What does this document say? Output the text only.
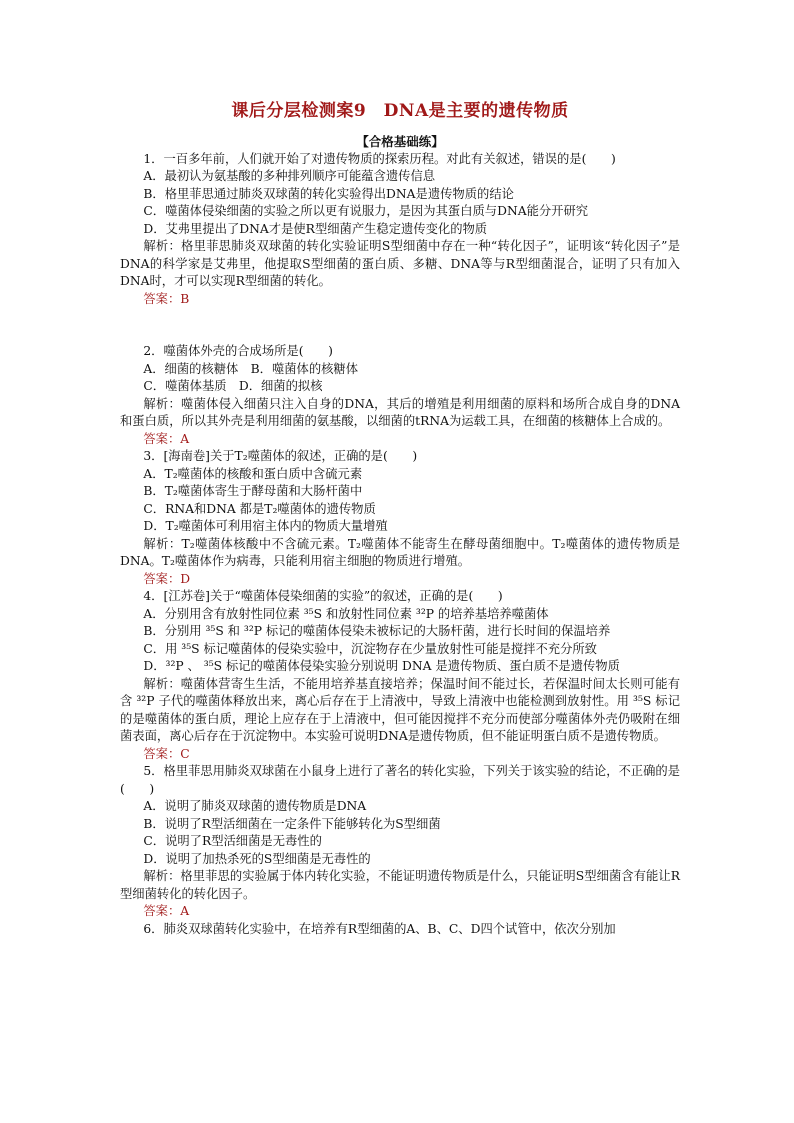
课后分层检测案9　DNA是主要的遗传物质

【合格基础练】

1．一百多年前，人们就开始了对遗传物质的探索历程。对此有关叙述，错误的是(　　)

A．最初认为氨基酸的多种排列顺序可能蕴含遗传信息

B．格里菲思通过肺炎双球菌的转化实验得出DNA是遗传物质的结论

C．噬菌体侵染细菌的实验之所以更有说服力，是因为其蛋白质与DNA能分开研究

D．艾弗里提出了DNA才是使R型细菌产生稳定遗传变化的物质

解析：格里菲思肺炎双球菌的转化实验证明S型细菌中存在一种“转化因子”，证明该“转化因子”是DNA的科学家是艾弗里，他提取S型细菌的蛋白质、多糖、DNA等与R型细菌混合，证明了只有加入DNA时，才可以实现R型细菌的转化。

答案：B

2．噬菌体外壳的合成场所是(　　)

A．细菌的核糖体　B．噬菌体的核糖体

C．噬菌体基质　D．细菌的拟核

解析：噬菌体侵入细菌只注入自身的DNA，其后的增殖是利用细菌的原料和场所合成自身的DNA和蛋白质，所以其外壳是利用细菌的氨基酸，以细菌的tRNA为运载工具，在细菌的核糖体上合成的。

答案：A

3．[海南卷]关于T₂噬菌体的叙述，正确的是(　　)

A．T₂噬菌体的核酸和蛋白质中含硫元素

B．T₂噬菌体寄生于酵母菌和大肠杆菌中

C．RNA和DNA 都是T₂噬菌体的遗传物质

D．T₂噬菌体可利用宿主体内的物质大量增殖

解析：T₂噬菌体核酸中不含硫元素。T₂噬菌体不能寄生在酵母菌细胞中。T₂噬菌体的遗传物质是DNA。T₂噬菌体作为病毒，只能利用宿主细胞的物质进行增殖。

答案：D

4．[江苏卷]关于“噬菌体侵染细菌的实验”的叙述，正确的是(　　)

A．分别用含有放射性同位素 ³⁵S 和放射性同位素 ³²P 的培养基培养噬菌体

B．分别用 ³⁵S 和 ³²P 标记的噬菌体侵染未被标记的大肠杆菌，进行长时间的保温培养

C．用 ³⁵S 标记噬菌体的侵染实验中，沉淀物存在少量放射性可能是搅拌不充分所致

D．³²P 、 ³⁵S 标记的噬菌体侵染实验分别说明 DNA 是遗传物质、蛋白质不是遗传物质

解析：噬菌体营寄生生活，不能用培养基直接培养；保温时间不能过长，若保温时间太长则可能有含 ³²P 子代的噬菌体释放出来，离心后存在于上清液中，导致上清液中也能检测到放射性。用 ³⁵S 标记的是噬菌体的蛋白质，理论上应存在于上清液中，但可能因搅拌不充分而使部分噬菌体外壳仍吸附在细菌表面，离心后存在于沉淀物中。本实验可说明DNA是遗传物质，但不能证明蛋白质不是遗传物质。

答案：C

5．格里菲思用肺炎双球菌在小鼠身上进行了著名的转化实验，下列关于该实验的结论，不正确的是(　　)

A．说明了肺炎双球菌的遗传物质是DNA

B．说明了R型活细菌在一定条件下能够转化为S型细菌

C．说明了R型活细菌是无毒性的

D．说明了加热杀死的S型细菌是无毒性的

解析：格里菲思的实验属于体内转化实验，不能证明遗传物质是什么，只能证明S型细菌含有能让R型细菌转化的转化因子。

答案：A

6．肺炎双球菌转化实验中，在培养有R型细菌的A、B、C、D四个试管中，依次分别加
